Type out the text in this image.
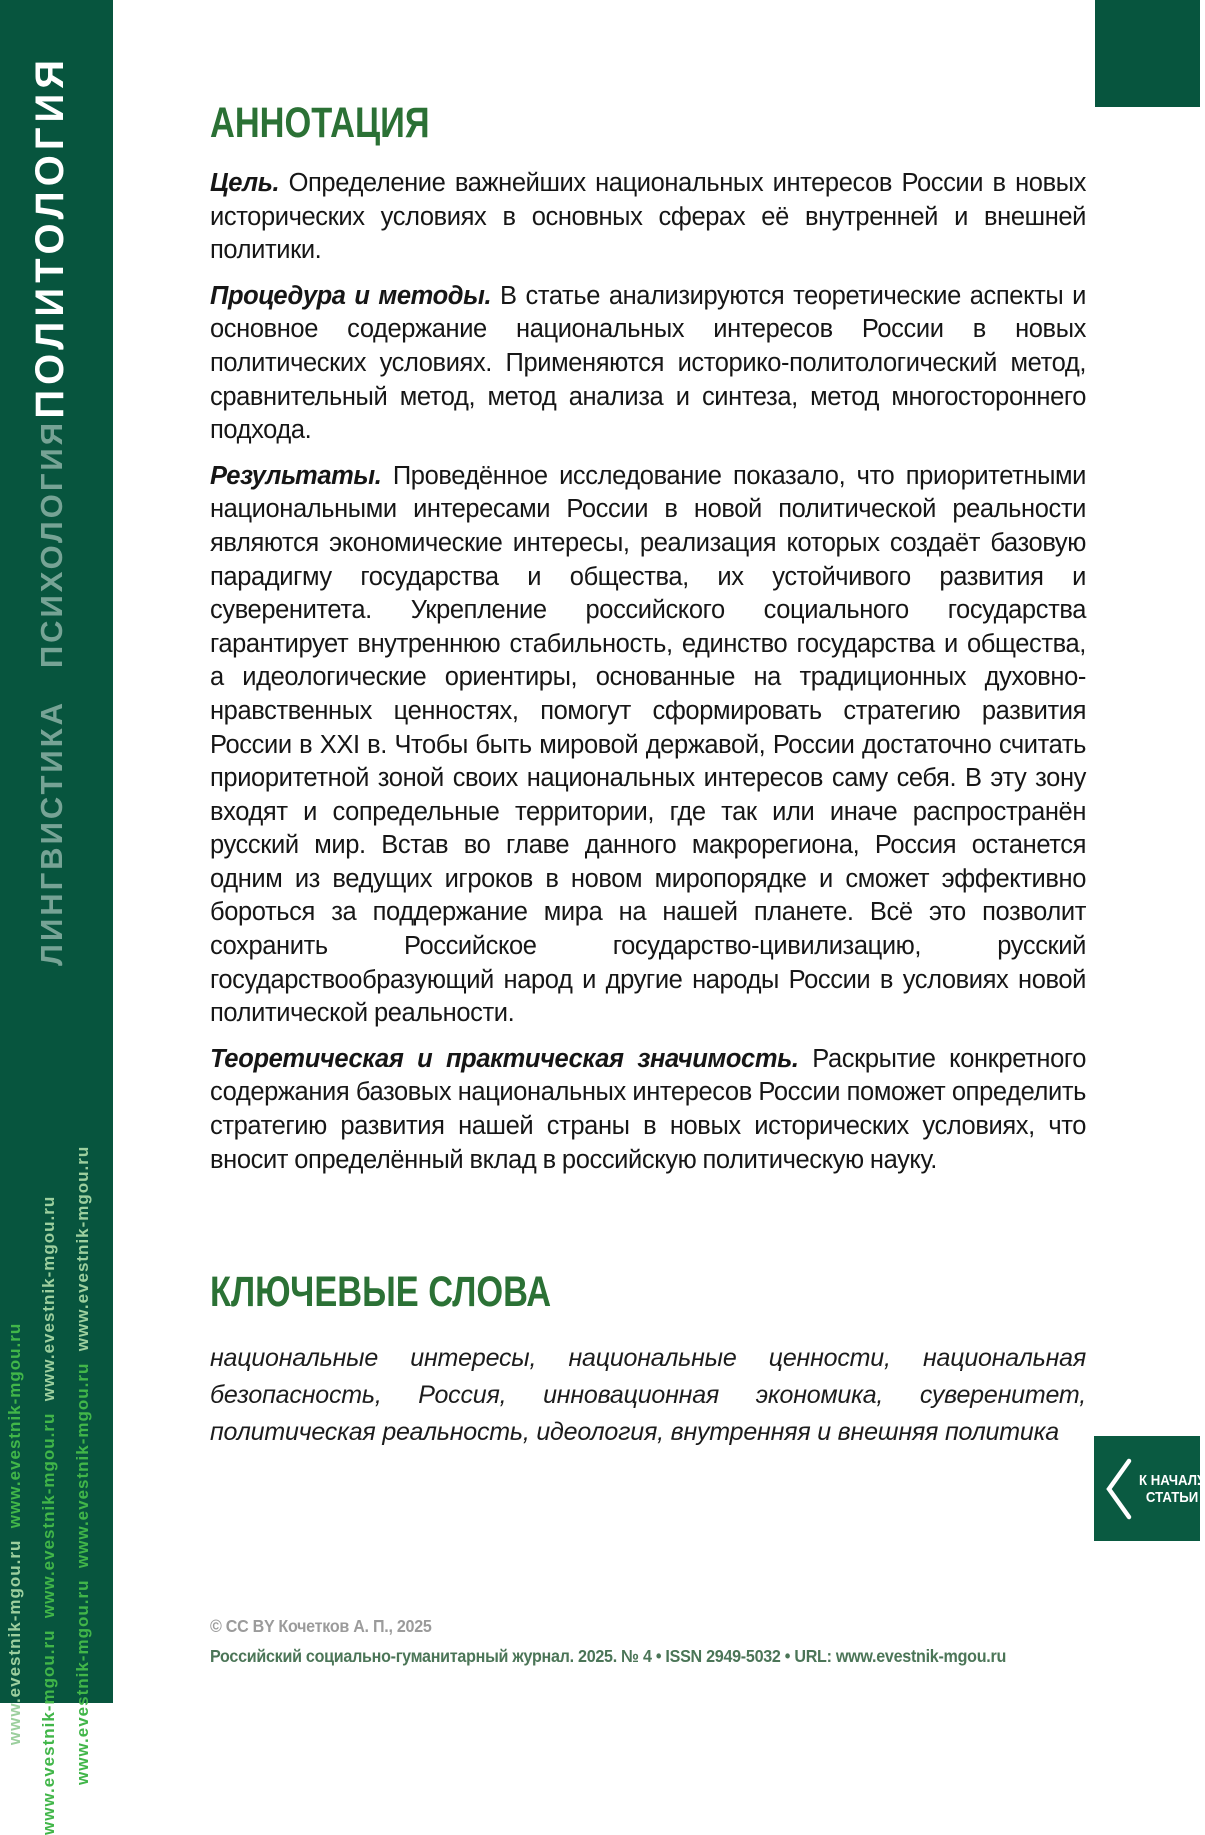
ПОЛИТОЛОГИЯ
ПСИХОЛОГИЯ
ЛИНГВИСТИКА
www.evestnik-mgou.ru  www.evestnik-mgou.ru
www.evestnik-mgou.ru  www.evestnik-mgou.ru  www.evestnik-mgou.ru
www.evestnik-mgou.ru  www.evestnik-mgou.ru  www.evestnik-mgou.ru
АННОТАЦИЯ

Цель. Определение важнейших национальных интересов России в новых исторических условиях в основных сферах её внутренней и внешней политики.

Процедура и методы. В статье анализируются теоретические аспекты и основное содержание национальных интересов России в новых политических условиях. Применяются историко-политологический метод, сравнительный метод, метод анализа и синтеза, метод многостороннего подхода.

Результаты. Проведённое исследование показало, что приоритетными национальными интересами России в новой политической реальности являются экономические интересы, реализация которых создаёт базовую парадигму государства и общества, их устойчивого развития и суверенитета. Укрепление российского социального государства гарантирует внутреннюю стабильность, единство государства и общества, а идеологические ориентиры, основанные на традиционных духовно-нравственных ценностях, помогут сформировать стратегию развития России в XXI в. Чтобы быть мировой державой, России достаточно считать приоритетной зоной своих национальных интересов саму себя. В эту зону входят и сопредельные территории, где так или иначе распространён русский мир. Встав во главе данного макрорегиона, Россия останется одним из ведущих игроков в новом миропорядке и сможет эффективно бороться за поддержание мира на нашей планете. Всё это позволит сохранить Российское государство-цивилизацию, русский государствообразующий народ и другие народы России в условиях новой политической реальности.

Теоретическая и практическая значимость. Раскрытие конкретного содержания базовых национальных интересов России поможет определить стратегию развития нашей страны в новых исторических условиях, что вносит определённый вклад в российскую политическую науку.

КЛЮЧЕВЫЕ СЛОВА

национальные интересы, национальные ценности, национальная безопасность, Россия, инновационная экономика, суверенитет, политическая реальность, идеология, внутренняя и внешняя политика

К НАЧАЛУ
СТАТЬИ

© CC BY Кочетков А. П., 2025

Российский социально-гуманитарный журнал. 2025. № 4 • ISSN 2949-5032 • URL: www.evestnik-mgou.ru
